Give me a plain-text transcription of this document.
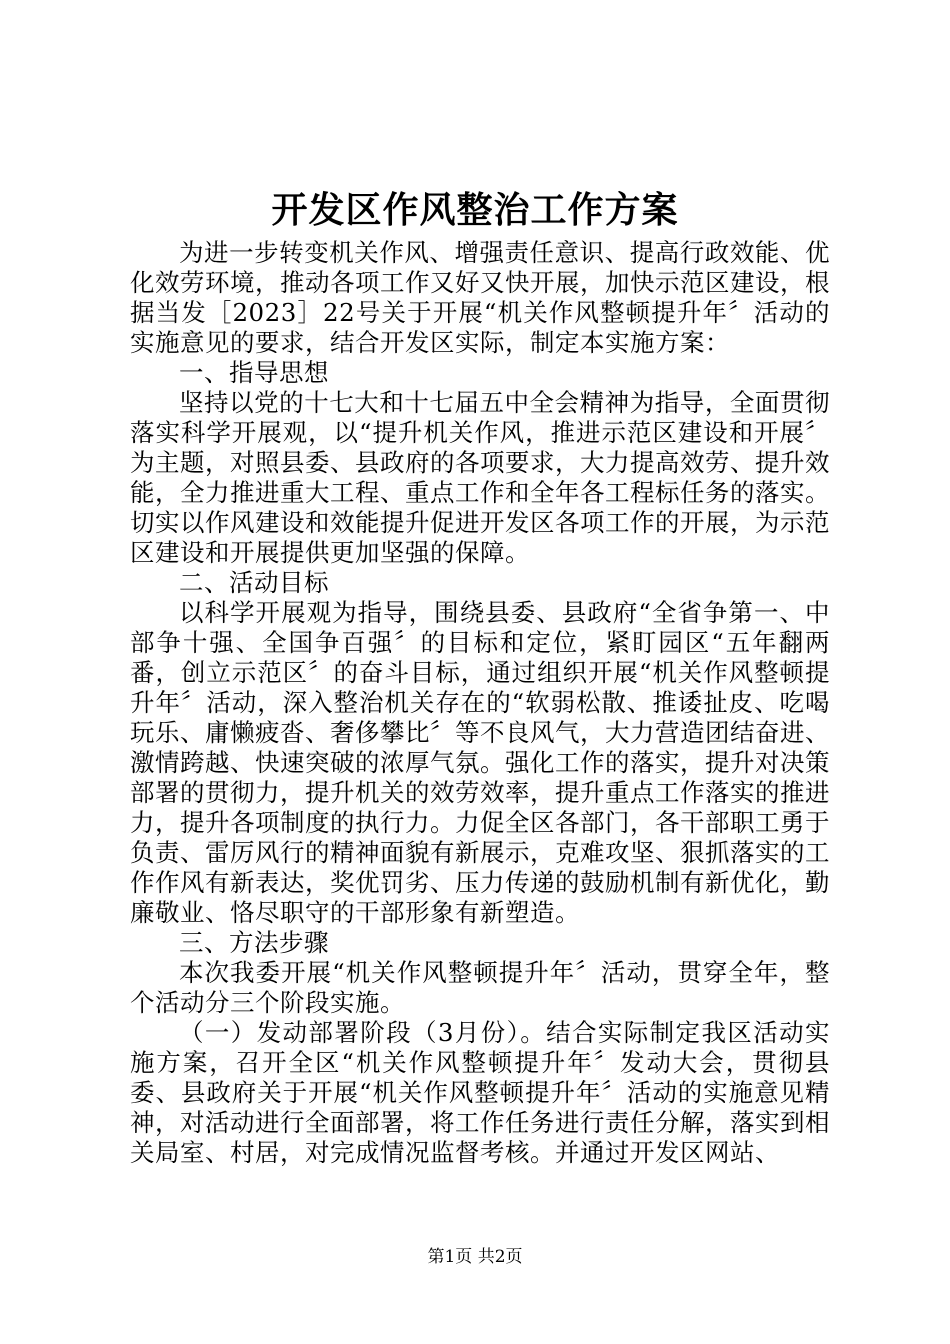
开发区作风整治工作方案

为进一步转变机关作风、增强责任意识、提高行政效能、优化效劳环境，推动各项工作又好又快开展，加快示范区建设，根据当发［2023］22号关于开展“机关作风整顿提升年〞活动的实施意见的要求，结合开发区实际，制定本实施方案：

一、指导思想

坚持以党的十七大和十七届五中全会精神为指导，全面贯彻落实科学开展观，以“提升机关作风，推进示范区建设和开展〞为主题，对照县委、县政府的各项要求，大力提高效劳、提升效能，全力推进重大工程、重点工作和全年各工程标任务的落实。切实以作风建设和效能提升促进开发区各项工作的开展，为示范区建设和开展提供更加坚强的保障。

二、活动目标

以科学开展观为指导，围绕县委、县政府“全省争第一、中部争十强、全国争百强〞的目标和定位，紧盯园区“五年翻两番，创立示范区〞的奋斗目标，通过组织开展“机关作风整顿提升年〞活动，深入整治机关存在的“软弱松散、推诿扯皮、吃喝玩乐、庸懒疲沓、奢侈攀比〞等不良风气，大力营造团结奋进、激情跨越、快速突破的浓厚气氛。强化工作的落实，提升对决策部署的贯彻力，提升机关的效劳效率，提升重点工作落实的推进力，提升各项制度的执行力。力促全区各部门，各干部职工勇于负责、雷厉风行的精神面貌有新展示，克难攻坚、狠抓落实的工作作风有新表达，奖优罚劣、压力传递的鼓励机制有新优化，勤廉敬业、恪尽职守的干部形象有新塑造。

三、方法步骤

本次我委开展“机关作风整顿提升年〞活动，贯穿全年，整个活动分三个阶段实施。

（一）发动部署阶段（3月份）。结合实际制定我区活动实施方案，召开全区“机关作风整顿提升年〞发动大会，贯彻县委、县政府关于开展“机关作风整顿提升年〞活动的实施意见精神，对活动进行全面部署，将工作任务进行责任分解，落实到相关局室、村居，对完成情况监督考核。并通过开发区网站、

第1页 共2页
